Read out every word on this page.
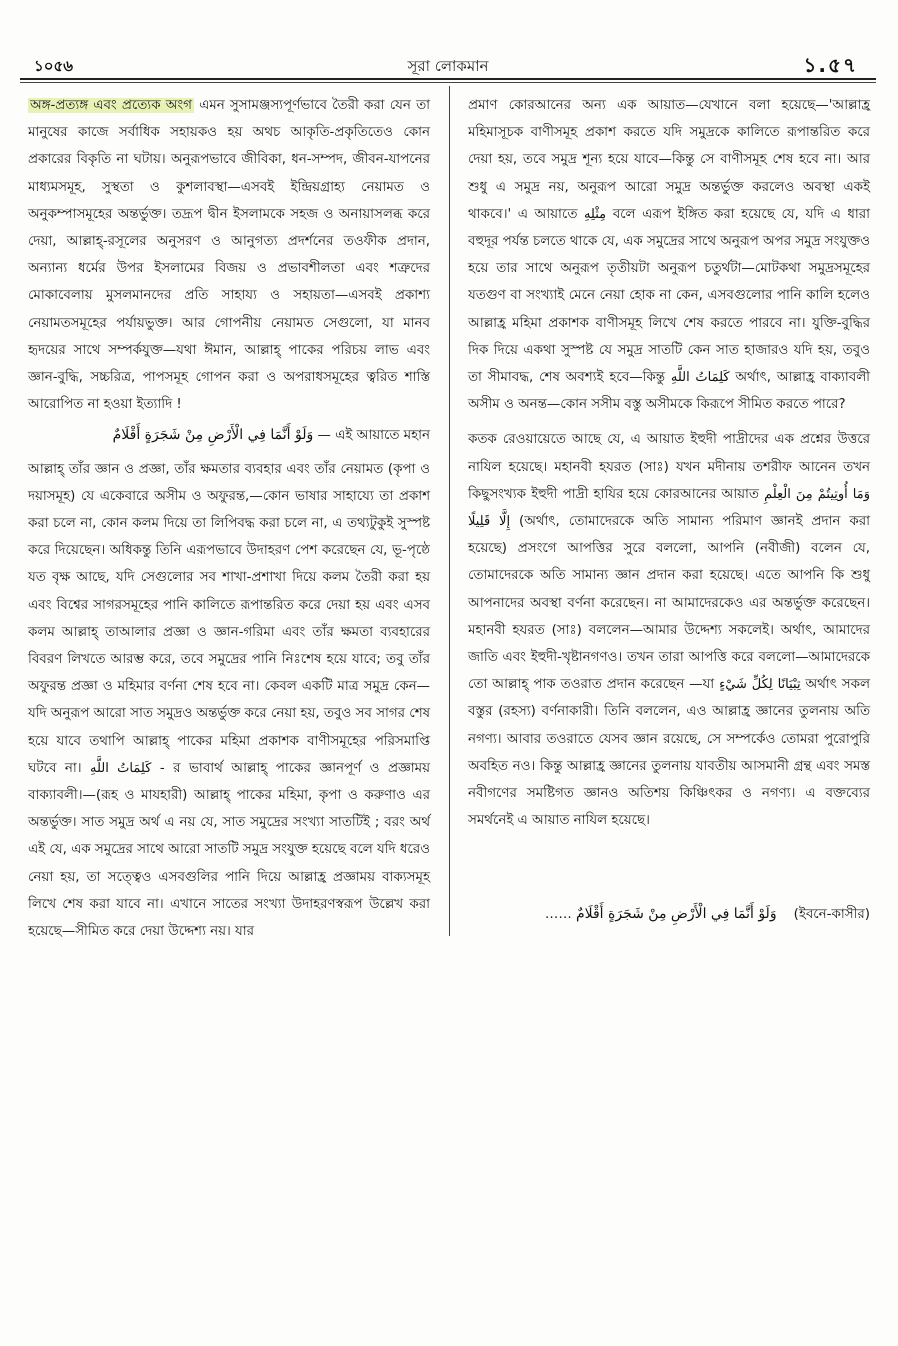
১০৫৬	সূরা লোকমান	১.৫৭

অঙ্গ-প্রত্যঙ্গ এবং প্রত্যেক অংগ এমন সুসামঞ্জস্যপূর্ণভাবে তৈরী করা যেন তা মানুষের কাজে সর্বাধিক সহায়কও হয় অথচ আকৃতি-প্রকৃতিতেও কোন প্রকারের বিকৃতি না ঘটায়। অনুরূপভাবে জীবিকা, ধন-সম্পদ, জীবন-যাপনের মাধ্যমসমূহ, সুস্থতা ও কুশলাবস্থা—এসবই ইন্দ্রিয়গ্রাহ্য নেয়ামত ও অনুকম্পাসমূহের অন্তর্ভুক্ত। তদ্রূপ দ্বীন ইসলামকে সহজ ও অনায়াসলব্ধ করে দেয়া, আল্লাহ্-রসূলের অনুসরণ ও আনুগত্য প্রদর্শনের তওফীক প্রদান, অন্যান্য ধর্মের উপর ইসলামের বিজয় ও প্রভাবশীলতা এবং শত্রুদের মোকাবেলায় মুসলমানদের প্রতি সাহায্য ও সহায়তা—এসবই প্রকাশ্য নেয়ামতসমূহের পর্যায়ভুক্ত। আর গোপনীয় নেয়ামত সেগুলো, যা মানব হৃদয়ের সাথে সম্পর্কযুক্ত—যথা ঈমান, আল্লাহ্ পাকের পরিচয় লাভ এবং জ্ঞান-বুদ্ধি, সচ্চরিত্র, পাপসমূহ গোপন করা ও অপরাধসমূহের ত্বরিত শাস্তি আরোপিত না হওয়া ইত্যাদি !

وَلَوْ أَنَّمَا فِي الْأَرْضِ مِنْ شَجَرَةٍ أَقْلَامٌ — এই আয়াতে মহান

আল্লাহ্ তাঁর জ্ঞান ও প্রজ্ঞা, তাঁর ক্ষমতার ব্যবহার এবং তাঁর নেয়ামত (কৃপা ও দয়াসমূহ) যে একেবারে অসীম ও অফুরন্ত,—কোন ভাষার সাহায্যে তা প্রকাশ করা চলে না, কোন কলম দিয়ে তা লিপিবদ্ধ করা চলে না, এ তথ্যটুকুই সুস্পষ্ট করে দিয়েছেন। অধিকন্তু তিনি এরূপভাবে উদাহরণ পেশ করেছেন যে, ভূ-পৃষ্ঠে যত বৃক্ষ আছে, যদি সেগুলোর সব শাখা-প্রশাখা দিয়ে কলম তৈরী করা হয় এবং বিশ্বের সাগরসমূহের পানি কালিতে রূপান্তরিত করে দেয়া হয় এবং এসব কলম আল্লাহ্ তাআলার প্রজ্ঞা ও জ্ঞান-গরিমা এবং তাঁর ক্ষমতা ব্যবহারের বিবরণ লিখতে আরম্ভ করে, তবে সমুদ্রের পানি নিঃশেষ হয়ে যাবে; তবু তাঁর অফুরন্ত প্রজ্ঞা ও মহিমার বর্ণনা শেষ হবে না। কেবল একটি মাত্র সমুদ্র কেন—যদি অনুরূপ আরো সাত সমুদ্রও অন্তর্ভুক্ত করে নেয়া হয়, তবুও সব সাগর শেষ হয়ে যাবে তথাপি আল্লাহ্ পাকের মহিমা প্রকাশক বাণীসমূহের পরিসমাপ্তি ঘটবে না। كَلِمَاتُ اللَّهِ - র ভাবার্থ আল্লাহ্ পাকের জ্ঞানপূর্ণ ও প্রজ্ঞাময় বাক্যাবলী।—(রূহ ও মাযহারী) আল্লাহ্ পাকের মহিমা, কৃপা ও করুণাও এর অন্তর্ভুক্ত। সাত সমুদ্র অর্থ এ নয় যে, সাত সমুদ্রের সংখ্যা সাতটিই ; বরং অর্থ এই যে, এক সমুদ্রের সাথে আরো সাতটি সমুদ্র সংযুক্ত হয়েছে বলে যদি ধরেও নেয়া হয়, তা সত্ত্বেও এসবগুলির পানি দিয়ে আল্লাহ্র প্রজ্ঞাময় বাক্যসমূহ লিখে শেষ করা যাবে না। এখানে সাতের সংখ্যা উদাহরণস্বরূপ উল্লেখ করা হয়েছে—সীমিত করে দেয়া উদ্দেশ্য নয়। যার

প্রমাণ কোরআনের অন্য এক আয়াত—যেখানে বলা হয়েছে—'আল্লাহ্র মহিমাসূচক বাণীসমূহ প্রকাশ করতে যদি সমুদ্রকে কালিতে রূপান্তরিত করে দেয়া হয়, তবে সমুদ্র শূন্য হয়ে যাবে—কিন্তু সে বাণীসমূহ শেষ হবে না। আর শুধু এ সমুদ্র নয়, অনুরূপ আরো সমুদ্র অন্তর্ভুক্ত করলেও অবস্থা একই থাকবে।' এ আয়াতে مِثْلِهِ বলে এরূপ ইঙ্গিত করা হয়েছে যে, যদি এ ধারা বহুদূর পর্যন্ত চলতে থাকে যে, এক সমুদ্রের সাথে অনুরূপ অপর সমুদ্র সংযুক্তও হয়ে তার সাথে অনুরূপ তৃতীয়টা অনুরূপ চতুর্থটা—মোটকথা সমুদ্রসমূহের যতগুণ বা সংখ্যাই মেনে নেয়া হোক না কেন, এসবগুলোর পানি কালি হলেও আল্লাহ্র মহিমা প্রকাশক বাণীসমূহ লিখে শেষ করতে পারবে না। যুক্তি-বুদ্ধির দিক দিয়ে একথা সুস্পষ্ট যে সমুদ্র সাতটি কেন সাত হাজারও যদি হয়, তবুও তা সীমাবদ্ধ, শেষ অবশ্যই হবে—কিন্তু كَلِمَاتُ اللَّهِ অর্থাৎ, আল্লাহ্র বাক্যাবলী অসীম ও অনন্ত—কোন সসীম বস্তু অসীমকে কিরূপে সীমিত করতে পারে?

কতক রেওয়ায়েতে আছে যে, এ আয়াত ইহুদী পাদ্রীদের এক প্রশ্নের উত্তরে নাযিল হয়েছে। মহানবী হযরত (সাঃ) যখন মদীনায় তশরীফ আনেন তখন কিছুসংখ্যক ইহুদী পাদ্রী হাযির হয়ে কোরআনের আয়াত وَمَا أُوتِيتُمْ مِنَ الْعِلْمِ إِلَّا قَلِيلًا (অর্থাৎ, তোমাদেরকে অতি সামান্য পরিমাণ জ্ঞানই প্রদান করা হয়েছে) প্রসংগে আপত্তির সুরে বললো, আপনি (নবীজী) বলেন যে, তোমাদেরকে অতি সামান্য জ্ঞান প্রদান করা হয়েছে। এতে আপনি কি শুধু আপনাদের অবস্থা বর্ণনা করেছেন। না আমাদেরকেও এর অন্তর্ভুক্ত করেছেন। মহানবী হযরত (সাঃ) বললেন—আমার উদ্দেশ্য সকলেই। অর্থাৎ, আমাদের জাতি এবং ইহুদী-খৃষ্টানগণও। তখন তারা আপত্তি করে বললো—আমাদেরকে তো আল্লাহ্ পাক তওরাত প্রদান করেছেন —যা تِبْيَانًا لِكُلِّ شَيْءٍ অর্থাৎ সকল বস্তুর (রহস্য) বর্ণনাকারী। তিনি বললেন, এও আল্লাহ্র জ্ঞানের তুলনায় অতি নগণ্য। আবার তওরাতে যেসব জ্ঞান রয়েছে, সে সম্পর্কেও তোমরা পুরোপুরি অবহিত নও। কিন্তু আল্লাহ্র জ্ঞানের তুলনায় যাবতীয় আসমানী গ্রন্থ এবং সমস্ত নবীগণের সমষ্টিগত জ্ঞানও অতিশয় কিঞ্চিৎকর ও নগণ্য। এ বক্তব্যের সমর্থনেই এ আয়াত নাযিল হয়েছে।

…… وَلَوْ أَنَّمَا فِي الْأَرْضِ مِنْ شَجَرَةٍ أَقْلَامٌ (ইবনে-কাসীর)
